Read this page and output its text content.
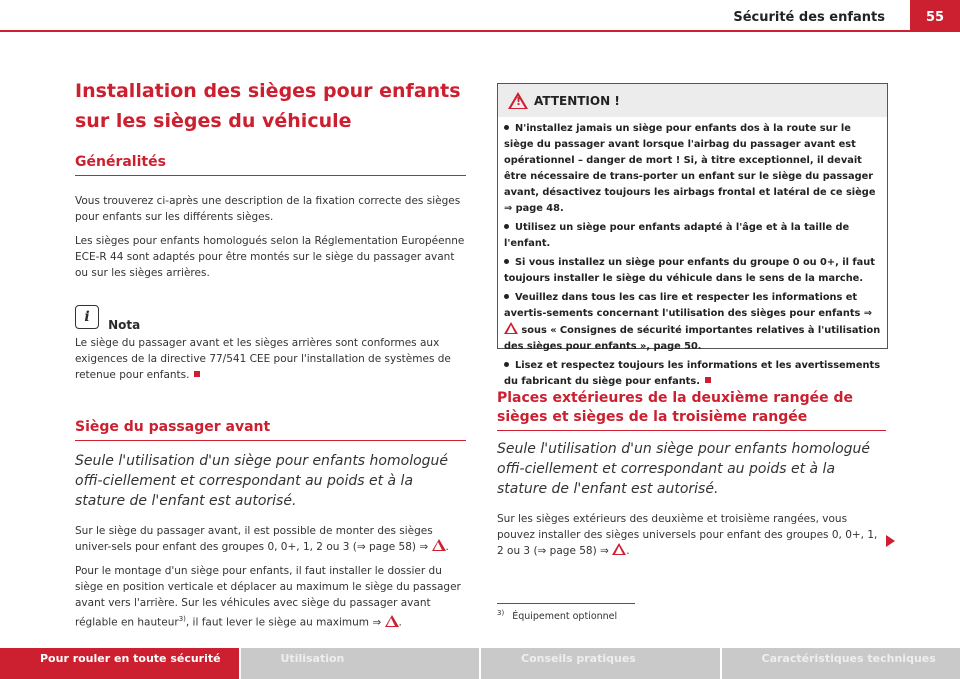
Sécurité des enfants	55
Installation des sièges pour enfants sur les sièges du véhicule
Généralités

Vous trouverez ci-après une description de la fixation correcte des sièges pour enfants sur les différents sièges.

Les sièges pour enfants homologués selon la Réglementation Européenne ECE-R 44 sont adaptés pour être montés sur le siège du passager avant ou sur les sièges arrières.

i $_{Nota}$

Le siège du passager avant et les sièges arrières sont conformes aux exigences de la directive 77/541 CEE pour l'installation de systèmes de retenue pour enfants.

Siège du passager avant

Seule l'utilisation d'un siège pour enfants homologué offi-ciellement et correspondant au poids et à la stature de l'enfant est autorisé.

Sur le siège du passager avant, il est possible de monter des sièges univer-sels pour enfant des groupes 0, 0+, 1, 2 ou 3 (⇒ page 58) ⇒ .

Pour le montage d'un siège pour enfants, il faut installer le dossier du siège en position verticale et déplacer au maximum le siège du passager avant vers l'arrière. Sur les véhicules avec siège du passager avant réglable en hauteur$^{3)}$, il faut lever le siège au maximum ⇒ .

! ATTENTION !

N'installez jamais un siège pour enfants dos à la route sur le siège du passager avant lorsque l'airbag du passager avant est opérationnel – danger de mort ! Si, à titre exceptionnel, il devait être nécessaire de trans-porter un enfant sur le siège du passager avant, désactivez toujours les airbags frontal et latéral de ce siège ⇒ page 48.

Utilisez un siège pour enfants adapté à l'âge et à la taille de l'enfant.

Si vous installez un siège pour enfants du groupe 0 ou 0+, il faut toujours installer le siège du véhicule dans le sens de la marche.

Veuillez dans tous les cas lire et respecter les informations et avertis-sements concernant l'utilisation des sièges pour enfants ⇒  sous « Consignes de sécurité importantes relatives à l'utilisation des sièges pour enfants », page 50.

Lisez et respectez toujours les informations et les avertissements du fabricant du siège pour enfants.

Places extérieures de la deuxième rangée de sièges et sièges de la troisième rangée

Seule l'utilisation d'un siège pour enfants homologué offi-ciellement et correspondant au poids et à la stature de l'enfant est autorisé.

Sur les sièges extérieurs des deuxième et troisième rangées, vous pouvez installer des sièges universels pour enfant des groupes 0, 0+, 1, 2 ou 3 (⇒ page 58) ⇒ .

$^{3)}$ Équipement optionnel
Pour rouler en toute sécurité	Utilisation	Conseils pratiques	Caractéristiques techniques
